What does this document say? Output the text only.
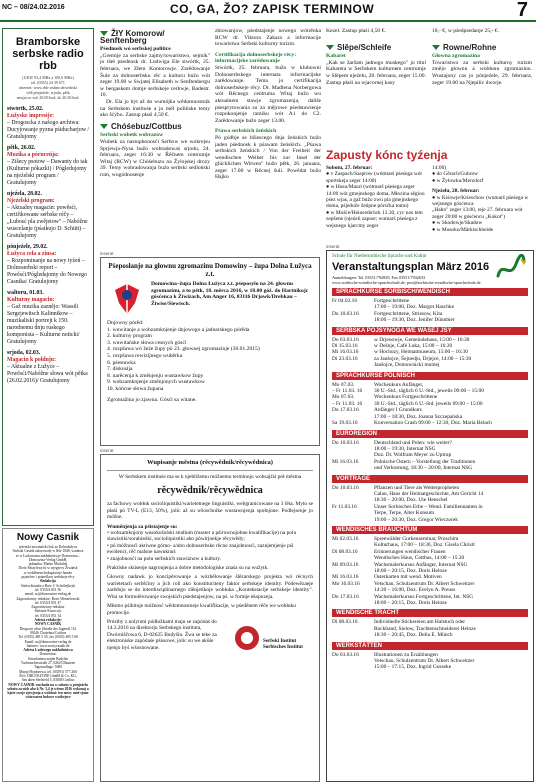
NC – 08/24.02.2016	CO, GA, ŽO? ZAPISK TERMINOW	7
Bramborske serbske radio rbb
(UKW 93,4 MHz a 100,6 MHz)
tel. (0355) 24 39 671
internet: www.rbb-online.de/serbski
wšě pónjeźele, srjodu, pětk
nawjecor wót 20.00 hod. do 20.30 hod.
stwórtk, 25.02.
Łužyske impresije:
– Drogoscka z našogo archiwa: Ducyjowanje pyzna pśiducharjow / Gratulujomy
pětk, 26.02.
Muzika a póruceńja:
– Zíšecy psotow – Dawanty do tak (Kulturne pókazki) / Pógledujomy na njeźelski program / Gratulujomy
njeźela, 28.02.
Njeźelski program:
– Aktualny magacin: powěsći, certifikowane serbske réčy – „Łubosć pla zwějetow" – Nabóžne wuscelanje (pśatkujo D. Schütt) – Gratulujomy
pónjeźele, 29.02.
Łužyca ceła a zinsa:
– Rozpominanje na nowy tyźeń – Dolnoserbski report – Powěsći/Pógledajomy do Nowego Casnika/ Gratulujomy
waltoru, 01.03.
Kulturny magacin:
– Gaž muzika zaznějo: Wassili Sergejewitsch Kalinnikow – muzikaliski portrejt k 150. narodnemu dnju ruskego komponista – Kulturne noticki/ Gratulujomy
srjoda, 02.03.
Magacin k połdnju:
– Aktualne z Łužyce – Powěsći/Nabóžne słowa wót pětka (26.02.2016)/ Gratulujomy
Nowy Casnik
tyźenski nowinaŕski lisk za Dolnołužycu
Serbski Casnik zalożowały w lěśe 1848, wudawa
se w Ludowomu nakładnistwje Domowina –
Domowina-Verlag GmbH,
jadnańka: Marko Maršalek
Dwór Sibaylowych w srjegżecy Žiwańsk
w wobšěnem biskupistwje hamże
prjatelow i priatelkow serbskeje rěcy
Redakcija
Sielowštauske z Rote 1/ Scholieβwyk
tel. 0355/4 851 56
email: nc@domowina-verlag.de
Zagronitowny redaktor: Boris Wenzelowski
tel. 0355/4 851 47
Zagronitowny redaktor
Stefanie Krawcojc
tel. 0355/4 851 34
Adresa redakcije:
NOWY CASNIK
Drogowe ulice (Straße der Jugend) 114
03046 Chośebuz/Cottbus
Tel. (0355) 485 5 35, fax (0355) 485 5 68
Email: nc@domowina-verlag.de
Internet: www.nowycasnik.de
Adresa Ludowego nakładnistwa
Domowina:
Sitwohatnea zrajńe Budyšin
Tuchmacherstraße 27, 02625 Bautzen
Tagesauflage: 5000
Manja Hojdorowa, tel. (03591) 577 260
Śišć: DRUCKZONE GmbH & Co. KG,
Am alten Seelsfeld 5, 03048 Cottbus
NOWY CASNIK wuchada na w sobotu w pónjeźelu sobotu za nich abo k Nr. 3,4 je wěrno 2016 wykonaj a bjeźe swoje zjewjenja a wobtosi: ten nowy mně rjane wótzwarne ludowe woźbejece
ŽłY Komorow/ Senftenberg
Pśednosk wó serbskej politice
„Gremije za serbske zajmy/towaristwo, sejmik" jo tšeł pśednosk dr. Ludwiga Ele stwórtk, 25. februara, we Złem Komorowje. Zarědowanje Šule za dolnoserbsku rěc a kulturu bužo wót zeger 19.00 w Swjatej Elisabeth w Senftenbergu w bergaskem domje serbskeje cerkwje, Badestr. 10.
Dr. Ela jo byt až do wumójka wědomnostnik na Serbskem instituśe a jo měl politiske temy ako šćýbo. Zastup płaśi 4,50 €.
Chóśebuz/Cottbus
Serbski wubetk wobrazow
Wubetk za nastupbonosći Serbow we wokrejsu Sprjewja-Nysa bužo wobradowaś srjodu, 24. februara, zeger 16:30 w Řěčnem centrumje Witaj (RCW) w Chóśebuzu na Žylojskej drozy 39. Temy wobradowanja buźo serbski sedloński rum, wugódnosenje
zbiowanjow, pśedstajenje nowego wótrěnka RCW dr. Viktora Zakara a informacije towaristwa Serbski kulturny turizm.
Certifikacija dolnoserbskeje rěcy: informacijske zarědowanje
Stwórtk, 25. februara, bužo w klubowni Dolnoserbskego internata informacijske zarědowanje. Tema jo certifikacija dolnoserbskeje rěcy. Dr. Madlena Norbergowa wót Rěcnego centruma Witaj bužo wo aktualnem stawje zgromazenja, dališe pśesprytowania su za mějrowe pśedstawienje rozpokonjenje ramiku wót A1 do C2. Zarědowanje bužo zeger 13.00.
Pśawa serbskich žeńskich
Pó gódbje se bžiescego dnja žeńskich bužo jaden pśednosk k pśawam žeńskich. „Pśawa serbskich žeńskich / Von der Freiheit der wendischen Weiber bis zur Insel der glücklichen Witwen" bužo pětk, 26. januara, zeger 17.00 w Rěcnej šuli. Powědat bužo Hajko
Kezel. Zastup płaśi 4,50 €.
Slěpe/Schleife
Kabaret
„Kak se žaršam jadnogo muskego" jo titul Kabareta w Serbskem kulturnem centrumje w Slěpem njeźelu, 28. februara, zeger 15.00. Zastup płaśi na wjacornej kasy
18,- €, w pśedpsedanje 25,- €.
Rowne/Rohne
Głowna zgromazina
Towaristwo za serbski kulturny turizm změjo głownu a wobłunu zgromazinu. Wustajony cas jo pónjeźele, 29. februara, zeger 19.00 na Njepilic dworje.
Zapusty kónc tyźenja
Sobotu, 27. februar:
● v Zaspach/Sasprow (wótmarś pśeśega wót sportskeja zeger 14:00)
● w Husu/Mauri (wótmarš pśeśega zeger 14:00 wót gmejnskego doma, Młozina sěgiou pśez wjas, a gaž bužo zwu pla gmejnskego doma, pśjeduče žeńpne pórśćka tomu)
● w Mošće/Heinersbrück 13.30, cyc nos tem zepšene (njeźeli zapust; wumarś pśeśega z wejsnego kjarcmy zeger
14:00)
● do Gěrach/Guhrow
● w Žylowku/Merzdorf
Njeźelu, 28. februar:
● w Kiśowje/Krieschow (wumarš pśeśega w wejsnego gósćenca
„Hahn" zeger 13:00, reje 27. februara wót zeger 20:00 w gósćencu „Kokot")
● w Skodowje/Skadow
● w Musoku/Märkischheide
inserat
Pśeposłanje na głownu zgromazinu Domowiny – župa Dolna Łužyca z.t.
Domowina–župa Dolna Łužyca z.t. pśeposylo na 24. głownu zgromazinu, a to pětk, 18. měrca 2016, w 18.00 góź. do Hartnikojc gósćenca k Żiwizach, Am Anger 16, 03116 Drjowk/Drebkau – Žiwise/Siewisch.
Dnjowny pórěd:
1. wuwitanje a wobzamknjenje dnjowogo a jadnarskego pórěda
2. kulturny program
3. wuwitańske słowa cesnych gósći
4. rozpšawa wó žeźe župy pó 23. głownej zgromazinje (30.01.2015)
5. rozpšawa rewizijnego wuběrka
6. pśestawka
7. diskusija
8. narěcenja k změnjenju wustawkow župy
9. wobzamknjenje změnjonych wustawkow
10. kóńcne słowa župana
Zgromažina jo zjawna. Gósći sa witane.
inserat
Wupisanje městna (rěcywědnik/rěcywědnica)
W Serbskem instituśe ma se k njebližemu móžnemu terminoju wobsajźiś pół městna
rěcywědnik/rěcywědnica
za fachowy wobłuk socioliquistiki/warietetnege linguistiki, webgranicowane na 3 lěta. Myto se płaśi pó TV-L (E13, 50%), jolic až su wšoschnike wustawnjenja społnjone. Podlejsenje jo móžne.
Wuměnjenja za pśistajenje su:
• wobzamknjony wusokošulski studium (master a pśirownujobne kwalifikacije) na polu slawistiki/sorabistiki, socioliquistiki abo pówirjnekje rěcywědy;
• pó móžnosći aktiwne górno- a/abo dolnoserbske rěcne znajobnosći, zaznjemjenje pśi ewidenci, rěč malsne nawuknuś
• znajobnosći na polu serbskich stawiznow a kultury.
Praktiske skúsenje nagronjenja a dobre metodologiske znaśa su na wužytk.
Głowny nadawk jo koncipěrowanje a wózbělowanje šlězarskego projekta wó rěcnych warietetach serbšćiny a jich roli ako konstituciteny faktor serbskeje identity. Pódewězaeje zarědujo se do interdisciplinarnego zlěnjeńkoje wobłuka „Kontekstacije serbskeje identity". Wita se formulěrowanje swojskich pśedstajenjow, na pś. w formje ekspozeja.
Městno pśibituje móžnosć wědomnostneje kwalifikacije, w pśeděnem rěče we wobłuku promocije.
Próstby z nolynmi pódłožkami maju se zapódaś do 14.3.2016 na direktorju Serbskego instituta, Dwórniščowa 6, D-02625 Budyšin. Žwa se teke za elektroniske zapódaśe pšosowe, jolic su we akšśe njenjo byś wšosnowane.
Serbski Institut Sorbisches Institut
inserat
Schule für Niedersorbische Sprache und Kultur
Veranstaltungsplan März 2016
Anmeldungen: Tel. 03551/792829, Fax 03551/7942633
www.sorbische-wendische-sprachschule.de, post@sorbische-wendische-sprachschule.de
SPRACHKURSE SORBISCH/WENDISCH
Fr 04.03.16	Fortgeschrittene
17:00 – 19:00, Doz. Margot Haschke
Do 10.03.16	Fortgeschrittene, Striesow, Kita
18:00 – 19:30, Doz. Jenifer Dünnbier
SERBSKA PÓJSYNOGA WE WAŠEJ JSY
Do 03.03.16	w Drjenowje, Gemeindehaus, 15:00 – 16:30
Di 15.03.16	w Dešnje, Café Luka, 15:00 – 16:30
Mi 16.03.16	w Hochozy, Heimatmuseum, 15:00 – 16:30
Di 23.03.16	za Janšojce, Šejnedju, Drjejce, 14:00 – 15:30
Janšojce, Domownicki mumej
SPRACHKURSE POLNISCH
Mo 07.03.	Wochenkurs Anfänger,
– Fr 11.03. 16	30 U.-Std., täglich 6 U.-Std., jeweils 09:00 – 15:00
Mo 07.03.	Wochenkurs Fortgeschrittene
– Fr 11.03. 16	30 U.-Std., täglich 6 U.-Std. jeweils 09:00 – 15:00
Do 17.03.16	Anfänger I Grundkurs
17:00 – 18:30, Doz. Joanna Szczepańska
Sa 19.03.16	Konversation Crash 09:00 – 12:30, Doz. Maria Belach
EUROREGION
Do 10.03.16	Deutschland und Polen: wie weiter?
18:00 – 19:30, Internat NSG
Doz. Dr. Wolfram Meyer zu Uptrup
Mi 16.03.16	Polnische Ostern – Vorstellung der Traditionen
und Verkostung, 18:30 – 20:00, Internat NSG
VORTRÄGE
Do 10.03.16	Pflanzen und Tiere als Wetterpropheten
Calau, Haus der Heimatgeschichte, Am Gericht 14
18:30 – 20:00, Doz. Ute Henschel
Fr 11.03.16	Unser Sorbisches Erbe – Wend. Familiennamen in
Terpe, Terpe, Alter Konsum
19:00 – 20:30, Doz. Gregor Wieczorek
WENDISCHES BRAUCHTUM
Mi 02.03.16	Spreewälder Gurkenseminar, Proschim
Kulturhaus, 17:00 – 18:30, Doz. Gisela Christl
Di 08.03.16	Erinnerungen wendischer Frauen
Wendisches Haus, Cottbus, 14:00 – 15:30
Mi 09.03.16	Wachsmalerkursus Anfänger, Internat NSG
18:00 – 20:15, Doz. Doris Heinze
Mi 16.03.16	Osterkarten mit wend. Motiven
Mo 16.03.16	Vetschau, Schulzentrum Dr. Albert Schweitzer
14:30 – 16:00, Doz. Evelyn A. Preuss
Do 17.03.16	Wachsmalerkursus Fortgeschrittene, Int. NSG
18:00 – 20:15, Doz. Doris Heinze
WENDISCHE TRACHT
Di 08.03.16	Individuelle Stickereien am Halstuch oder
Rockband, Sielow, Trachtenschneiderei Heinze
18:30 – 20:45, Doz. Delia E. Münch
WERKSTÄTTEN
Do 03.03.16	Illustrationen zu Erzählungen
Vetschau, Schulzentrum Dr. Albert Schweitzer
15:00 – 17:15, Doz. Ingrid Gosseke
